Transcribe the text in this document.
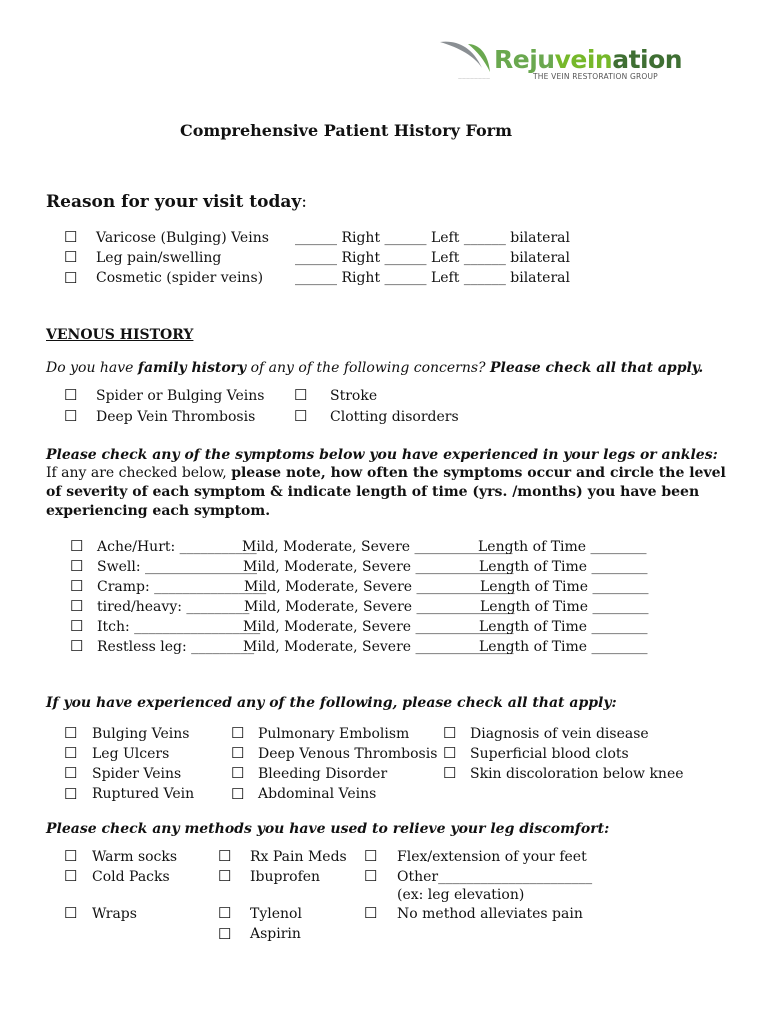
Rejuveination
THE VEIN RESTORATION GROUP
————————
Comprehensive Patient History Form
Reason for your visit today:
☐ Varicose (Bulging) Veins ______ Right ______ Left ______ bilateral
☐ Leg pain/swelling	______ Right ______ Left ______ bilateral
☐ Cosmetic (spider veins) ______ Right ______ Left ______ bilateral
VENOUS HISTORY
Do you have family history of any of the following concerns? Please check all that apply.
☐ Spider or Bulging Veins ☐ Stroke
☐ Deep Vein Thrombosis	☐ Clotting disorders
Please check any of the symptoms below you have experienced in your legs or ankles:
If any are checked below, please note, how often the symptoms occur and circle the level of severity of each symptom & indicate length of time (yrs. /months) you have been experiencing each symptom.
☐ Ache/Hurt: ___________
Mild, Moderate, Severe ______________
Length of Time ________
☐ Swell: ________________
Mild, Moderate, Severe ______________
Length of Time ________
☐ Cramp: ________________
Mild, Moderate, Severe ______________
Length of Time ________
☐ tired/heavy: _________
Mild, Moderate, Severe ______________
Length of Time ________
☐ Itch: __________________
Mild, Moderate, Severe ______________
Length of Time ________
☐ Restless leg: _________
Mild, Moderate, Severe ______________
Length of Time ________
If you have experienced any of the following, please check all that apply:
☐ Bulging Veins
☐ Leg Ulcers
☐ Spider Veins
☐ Ruptured Vein
☐ Pulmonary Embolism
☐ Deep Venous Thrombosis
☐ Bleeding Disorder
☐ Abdominal Veins
☐ Diagnosis of vein disease
☐ Superficial blood clots
☐ Skin discoloration below knee
Please check any methods you have used to relieve your leg discomfort:
☐ Warm socks
☐ Cold Packs
☐ Wraps
☐ Rx Pain Meds
☐ Ibuprofen
☐ Tylenol
☐ Aspirin
☐ Flex/extension of your feet
☐ Other______________________
(ex: leg elevation)
☐ No method alleviates pain
